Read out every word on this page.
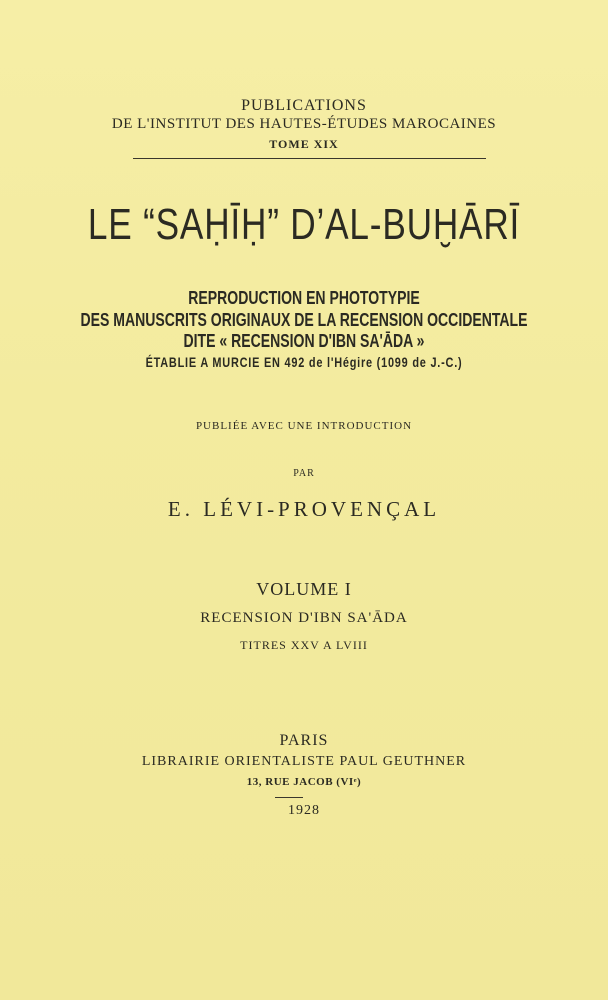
PUBLICATIONS
DE L'INSTITUT DES HAUTES-ÉTUDES MAROCAINES
TOME XIX
LE “SAḤĪḤ” D’AL-BUḪĀRĪ
REPRODUCTION EN PHOTOTYPIE
DES MANUSCRITS ORIGINAUX DE LA RECENSION OCCIDENTALE
DITE « RECENSION D'IBN SA'ĀDA »
ÉTABLIE A MURCIE EN 492 de l'Hégire (1099 de J.-C.)
PUBLIÉE AVEC UNE INTRODUCTION
PAR
E. LÉVI-PROVENÇAL
VOLUME I
RECENSION D'IBN SA'ĀDA
TITRES XXV A LVIII
PARIS
LIBRAIRIE ORIENTALISTE PAUL GEUTHNER
13, RUE JACOB (VIᵉ)
1928
